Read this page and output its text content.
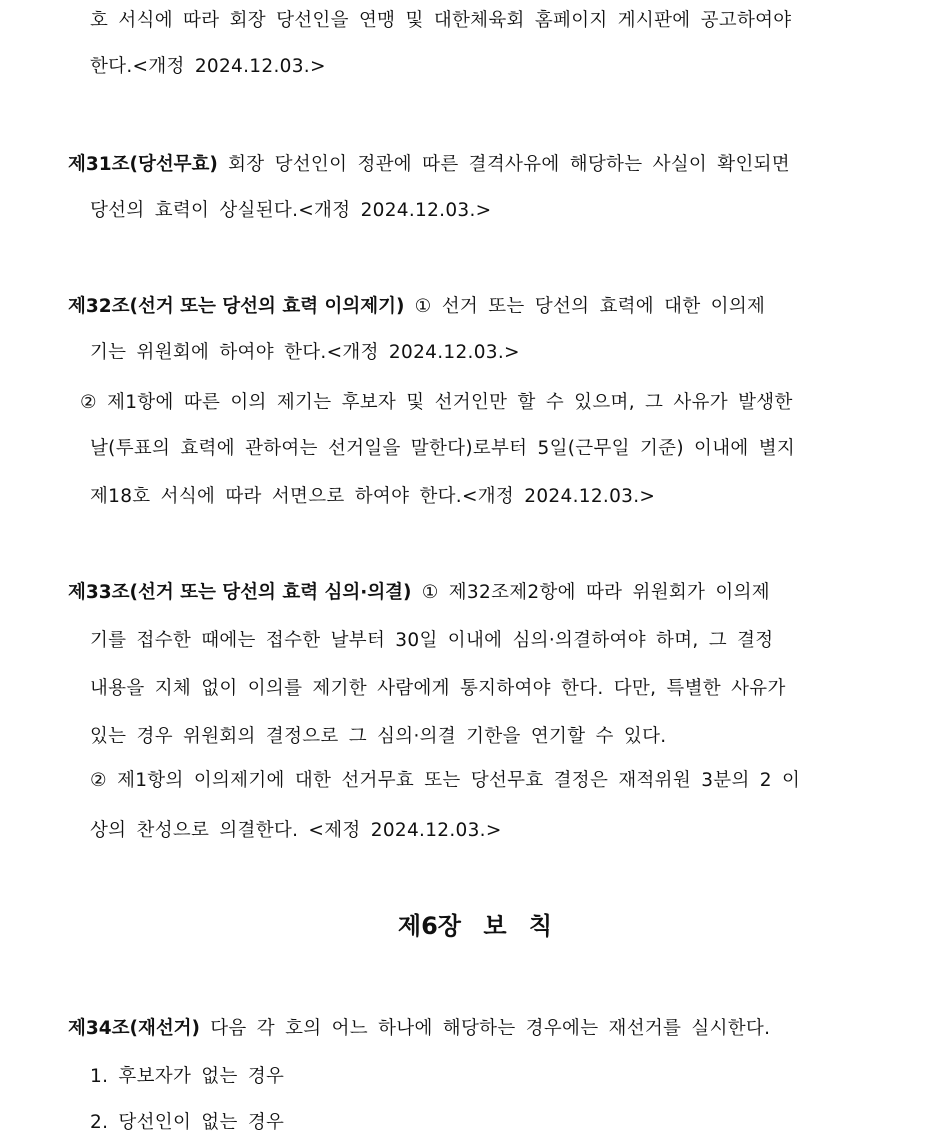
호 서식에 따라 회장 당선인을 연맹 및 대한체육회 홈페이지 게시판에 공고하여야
한다.<개정 2024.12.03.>
제31조(당선무효) 회장 당선인이 정관에 따른 결격사유에 해당하는 사실이 확인되면
당선의 효력이 상실된다.<개정 2024.12.03.>
제32조(선거 또는 당선의 효력 이의제기) ① 선거 또는 당선의 효력에 대한 이의제
기는 위원회에 하여야 한다.<개정 2024.12.03.>
② 제1항에 따른 이의 제기는 후보자 및 선거인만 할 수 있으며, 그 사유가 발생한
날(투표의 효력에 관하여는 선거일을 말한다)로부터 5일(근무일 기준) 이내에 별지
제18호 서식에 따라 서면으로 하여야 한다.<개정 2024.12.03.>
제33조(선거 또는 당선의 효력 심의·의결) ① 제32조제2항에 따라 위원회가 이의제
기를 접수한 때에는 접수한 날부터 30일 이내에 심의·의결하여야 하며, 그 결정
내용을 지체 없이 이의를 제기한 사람에게 통지하여야 한다. 다만, 특별한 사유가
있는 경우 위원회의 결정으로 그 심의·의결 기한을 연기할 수 있다.
② 제1항의 이의제기에 대한 선거무효 또는 당선무효 결정은 재적위원 3분의 2 이
상의 찬성으로 의결한다. <제정 2024.12.03.>
제6장 보 칙
제34조(재선거) 다음 각 호의 어느 하나에 해당하는 경우에는 재선거를 실시한다.
1. 후보자가 없는 경우
2. 당선인이 없는 경우
